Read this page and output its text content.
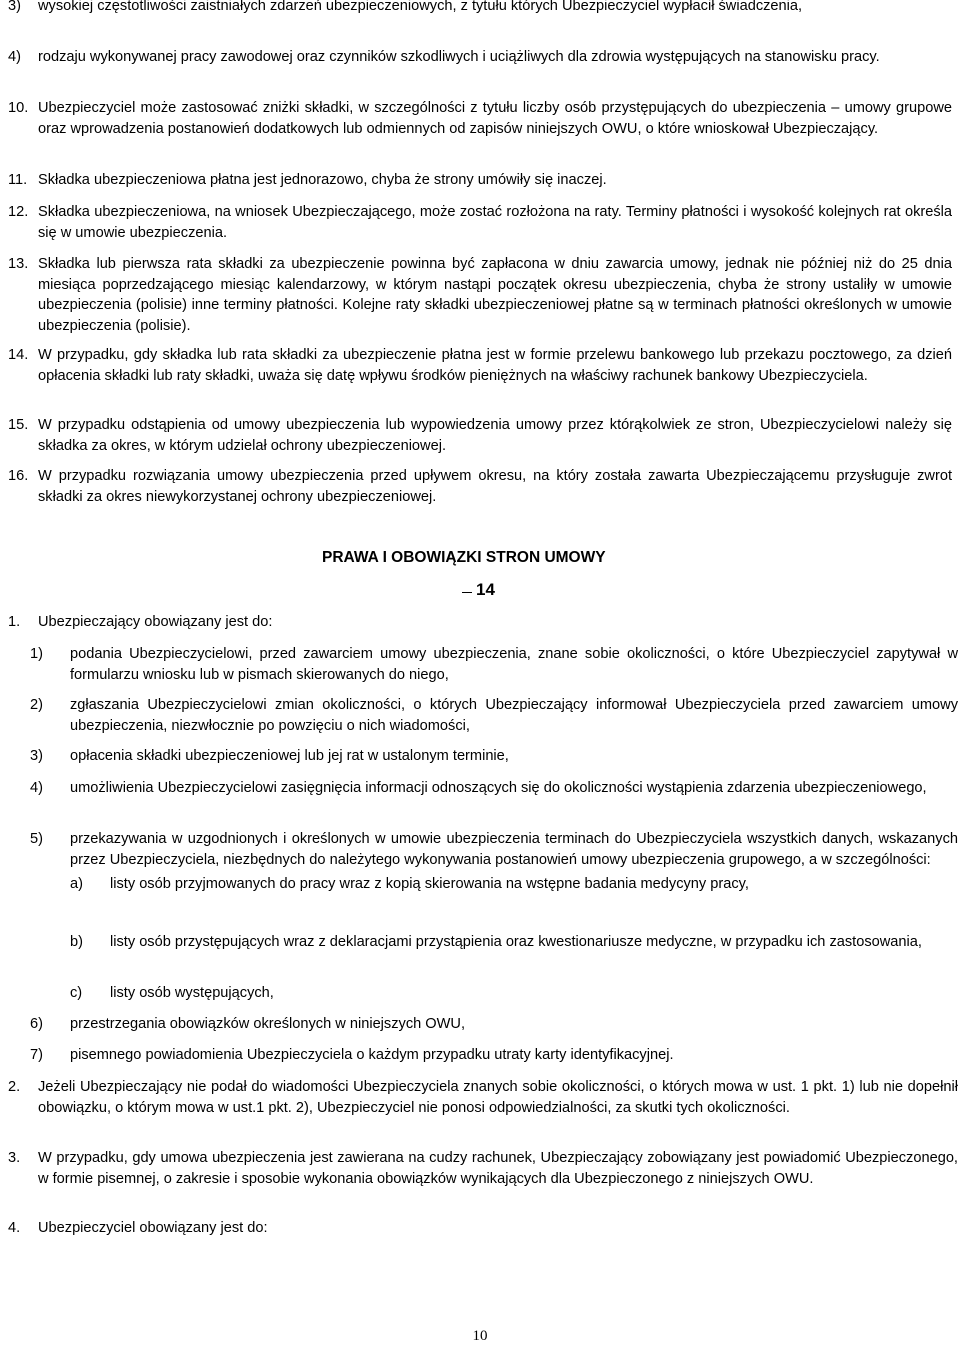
3) wysokiej częstotliwości zaistniałych zdarzeń ubezpieczeniowych, z tytułu których Ubezpieczyciel wypłacił świadczenia,
4) rodzaju wykonywanej pracy zawodowej oraz czynników szkodliwych i uciążliwych dla zdrowia występujących na stanowisku pracy.
10. Ubezpieczyciel może zastosować zniżki składki, w szczególności z tytułu liczby osób przystępujących do ubezpieczenia – umowy grupowe oraz wprowadzenia postanowień dodatkowych lub odmiennych od zapisów niniejszych OWU, o które wnioskował Ubezpieczający.
11. Składka ubezpieczeniowa płatna jest jednorazowo, chyba że strony umówiły się inaczej.
12. Składka ubezpieczeniowa, na wniosek Ubezpieczającego, może zostać rozłożona na raty. Terminy płatności i wysokość kolejnych rat określa się w umowie ubezpieczenia.
13. Składka lub pierwsza rata składki za ubezpieczenie powinna być zapłacona w dniu zawarcia umowy, jednak nie później niż do 25 dnia miesiąca poprzedzającego miesiąc kalendarzowy, w którym nastąpi początek okresu ubezpieczenia, chyba że strony ustaliły w umowie ubezpieczenia (polisie) inne terminy płatności. Kolejne raty składki ubezpieczeniowej płatne są w terminach płatności określonych w umowie ubezpieczenia (polisie).
14. W przypadku, gdy składka lub rata składki za ubezpieczenie płatna jest w formie przelewu bankowego lub przekazu pocztowego, za dzień opłacenia składki lub raty składki, uważa się datę wpływu środków pieniężnych na właściwy rachunek bankowy Ubezpieczyciela.
15. W przypadku odstąpienia od umowy ubezpieczenia lub wypowiedzenia umowy przez którąkolwiek ze stron, Ubezpieczycielowi należy się składka za okres, w którym udzielał ochrony ubezpieczeniowej.
16. W przypadku rozwiązania umowy ubezpieczenia przed upływem okresu, na który została zawarta Ubezpieczającemu przysługuje zwrot składki za okres niewykorzystanej ochrony ubezpieczeniowej.
PRAWA I OBOWIĄZKI STRON UMOWY
14
1. Ubezpieczający obowiązany jest do:
1) podania Ubezpieczycielowi, przed zawarciem umowy ubezpieczenia, znane sobie okoliczności, o które Ubezpieczyciel zapytywał w formularzu wniosku lub w pismach skierowanych do niego,
2) zgłaszania Ubezpieczycielowi zmian okoliczności, o których Ubezpieczający informował Ubezpieczyciela przed zawarciem umowy ubezpieczenia, niezwłocznie po powzięciu o nich wiadomości,
3) opłacenia składki ubezpieczeniowej lub jej rat w ustalonym terminie,
4) umożliwienia Ubezpieczycielowi zasięgnięcia informacji odnoszących się do okoliczności wystąpienia zdarzenia ubezpieczeniowego,
5) przekazywania w uzgodnionych i określonych w umowie ubezpieczenia terminach do Ubezpieczyciela wszystkich danych, wskazanych przez Ubezpieczyciela, niezbędnych do należytego wykonywania postanowień umowy ubezpieczenia grupowego, a w szczególności:
a) listy osób przyjmowanych do pracy wraz z kopią skierowania na wstępne badania medycyny pracy,
b) listy osób przystępujących wraz z deklaracjami przystąpienia oraz kwestionariusze medyczne, w przypadku ich zastosowania,
c) listy osób występujących,
6) przestrzegania obowiązków określonych w niniejszych OWU,
7) pisemnego powiadomienia Ubezpieczyciela o każdym przypadku utraty karty identyfikacyjnej.
2. Jeżeli Ubezpieczający nie podał do wiadomości Ubezpieczyciela znanych sobie okoliczności, o których mowa w ust. 1 pkt. 1) lub nie dopełnił obowiązku, o którym mowa w ust.1 pkt. 2), Ubezpieczyciel nie ponosi odpowiedzialności, za skutki tych okoliczności.
3. W przypadku, gdy umowa ubezpieczenia jest zawierana na cudzy rachunek, Ubezpieczający zobowiązany jest powiadomić Ubezpieczonego, w formie pisemnej, o zakresie i sposobie wykonania obowiązków wynikających dla Ubezpieczonego z niniejszych OWU.
4. Ubezpieczyciel obowiązany jest do:
10
